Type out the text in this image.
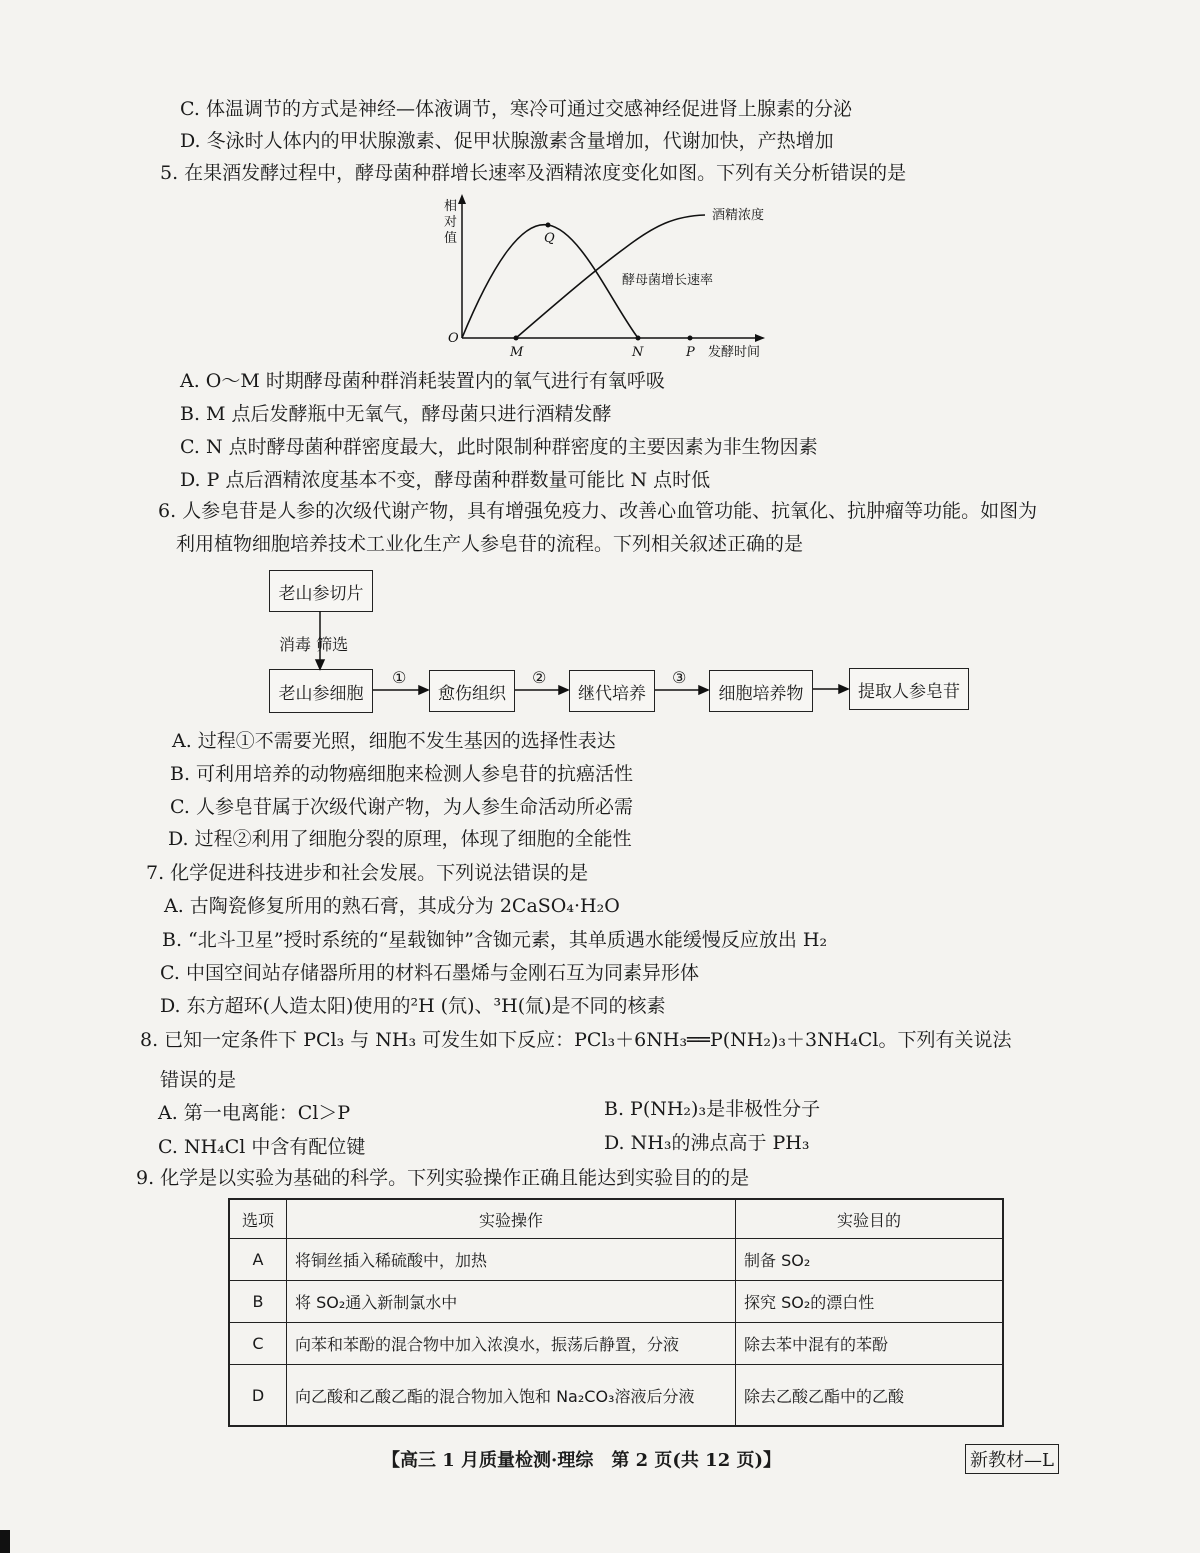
C. 体温调节的方式是神经—体液调节，寒冷可通过交感神经促进肾上腺素的分泌
D. 冬泳时人体内的甲状腺激素、促甲状腺激素含量增加，代谢加快，产热增加
5. 在果酒发酵过程中，酵母菌种群增长速率及酒精浓度变化如图。下列有关分析错误的是
相
对
值
O
M	N	P
Q
发酵时间
酒精浓度
酵母菌增长速率
A. O～M 时期酵母菌种群消耗装置内的氧气进行有氧呼吸
B. M 点后发酵瓶中无氧气，酵母菌只进行酒精发酵
C. N 点时酵母菌种群密度最大，此时限制种群密度的主要因素为非生物因素
D. P 点后酒精浓度基本不变，酵母菌种群数量可能比 N 点时低
6. 人参皂苷是人参的次级代谢产物，具有增强免疫力、改善心血管功能、抗氧化、抗肿瘤等功能。如图为
利用植物细胞培养技术工业化生产人参皂苷的流程。下列相关叙述正确的是
老山参切片
消毒 筛选
老山参细胞
①
愈伤组织
②
继代培养
③
细胞培养物	提取人参皂苷
A. 过程①不需要光照，细胞不发生基因的选择性表达
B. 可利用培养的动物癌细胞来检测人参皂苷的抗癌活性
C. 人参皂苷属于次级代谢产物，为人参生命活动所必需
D. 过程②利用了细胞分裂的原理，体现了细胞的全能性
7. 化学促进科技进步和社会发展。下列说法错误的是
A. 古陶瓷修复所用的熟石膏，其成分为 2CaSO₄·H₂O
B. “北斗卫星”授时系统的“星载铷钟”含铷元素，其单质遇水能缓慢反应放出 H₂
C. 中国空间站存储器所用的材料石墨烯与金刚石互为同素异形体
D. 东方超环(人造太阳)使用的²H (氘)、³H(氚)是不同的核素
8. 已知一定条件下 PCl₃ 与 NH₃ 可发生如下反应：PCl₃＋6NH₃══P(NH₂)₃＋3NH₄Cl。下列有关说法
错误的是
A. 第一电离能：Cl＞P	B. P(NH₂)₃是非极性分子
C. NH₄Cl 中含有配位键	D. NH₃的沸点高于 PH₃
9. 化学是以实验为基础的科学。下列实验操作正确且能达到实验目的的是
选项	实验操作	实验目的
A	将铜丝插入稀硫酸中，加热	制备 SO₂
B	将 SO₂通入新制氯水中	探究 SO₂的漂白性
C	向苯和苯酚的混合物中加入浓溴水，振荡后静置，分液	除去苯中混有的苯酚
D	向乙酸和乙酸乙酯的混合物加入饱和 Na₂CO₃溶液后分液	除去乙酸乙酯中的乙酸
【高三 1 月质量检测·理综　第 2 页(共 12 页)】	新教材—L
